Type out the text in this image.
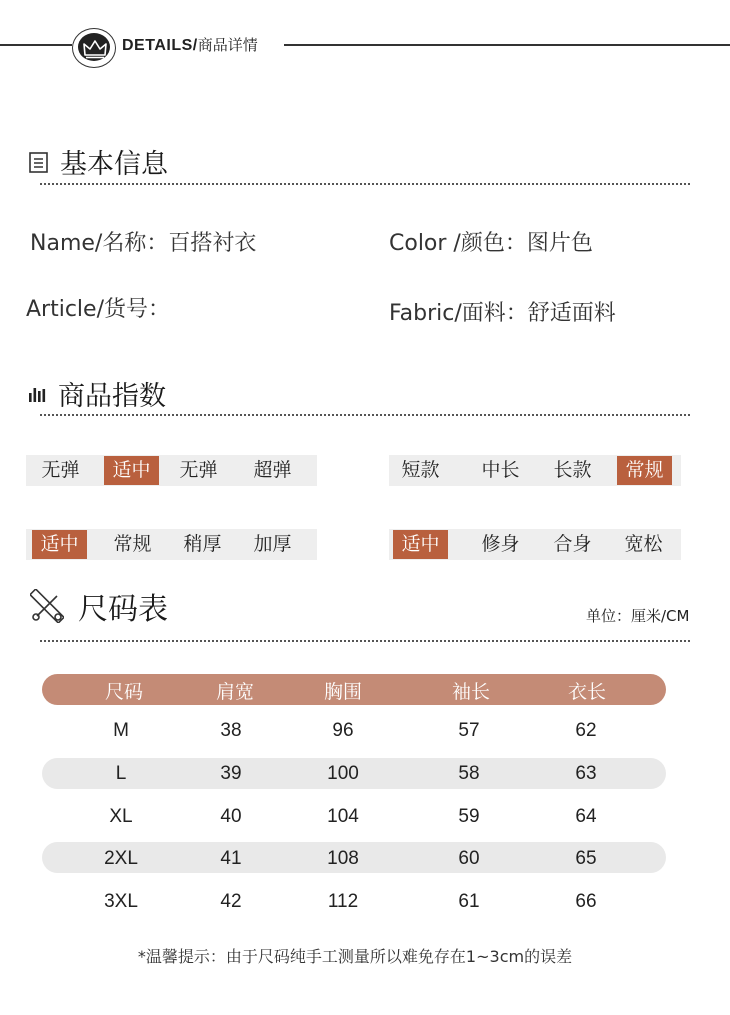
DETAILS/ 商品详情
基本信息
Name/名称：百搭衬衣	Color /颜色：图片色
Article/货号：	Fabric/面料：舒适面料
商品指数
无弹	适中	无弹	超弹	短款	中长	长款	常规
适中	常规	稍厚	加厚	适中	修身	合身	宽松
尺码表	单位：厘米/CM
尺码	肩宽	胸围	袖长	衣长
M	38	96	57	62
L	39	100	58	63
XL	40	104	59	64
2XL	41	108	60	65
3XL	42	112	61	66
*温馨提示：由于尺码纯手工测量所以难免存在1~3cm的误差
